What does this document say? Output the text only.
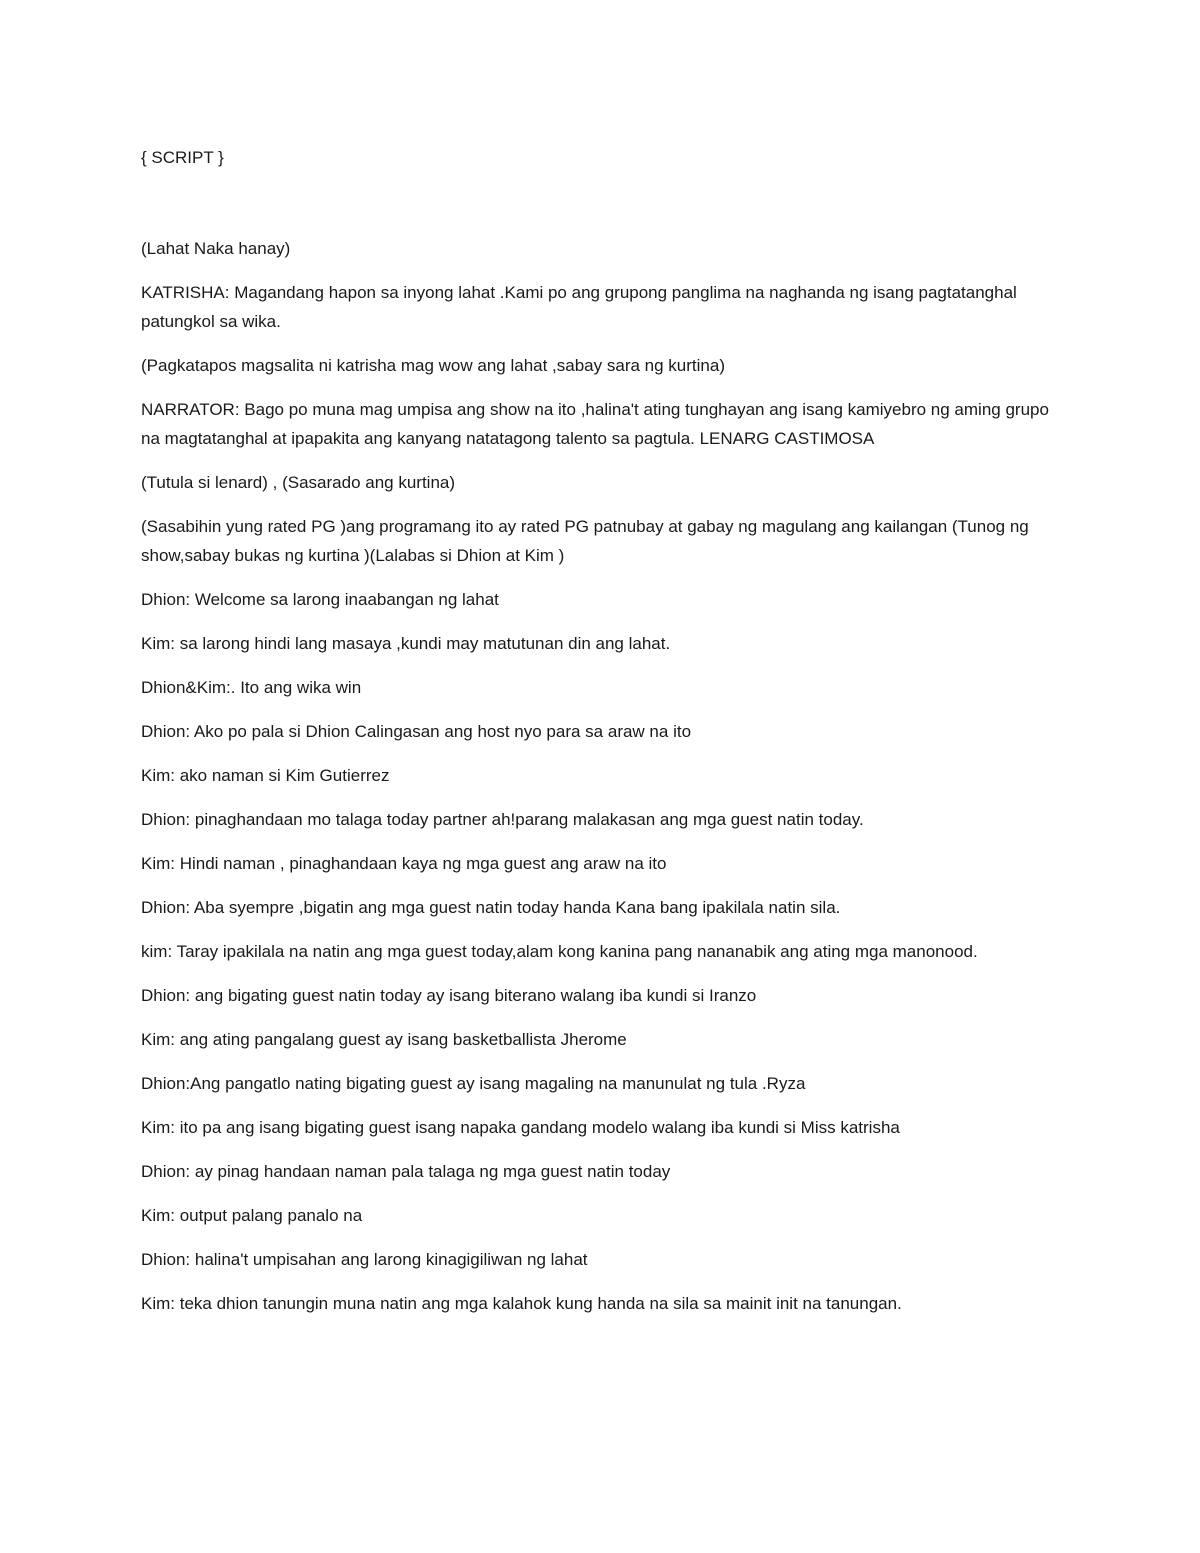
{ SCRIPT }

(Lahat Naka hanay)

KATRISHA: Magandang hapon sa inyong lahat .Kami po ang grupong panglima na naghanda ng isang pagtatanghal patungkol sa wika.

(Pagkatapos magsalita ni katrisha mag wow ang lahat ,sabay sara ng kurtina)

NARRATOR: Bago po muna mag umpisa ang show na ito ,halina't ating tunghayan ang isang kamiyebro ng aming grupo na magtatanghal at ipapakita ang kanyang natatagong talento sa pagtula. LENARG CASTIMOSA

(Tutula si lenard) , (Sasarado ang kurtina)

(Sasabihin yung rated PG )ang programang ito ay rated PG patnubay at gabay ng magulang ang kailangan (Tunog ng show,sabay bukas ng kurtina )(Lalabas si Dhion at Kim )

Dhion: Welcome sa larong inaabangan ng lahat

Kim: sa larong hindi lang masaya ,kundi may matutunan din ang lahat.

Dhion&Kim:. Ito ang wika win

Dhion: Ako po pala si Dhion Calingasan ang host nyo para sa araw na ito

Kim: ako naman si Kim Gutierrez

Dhion: pinaghandaan mo talaga today partner ah!parang malakasan ang mga guest natin today.

Kim: Hindi naman , pinaghandaan kaya ng mga guest ang araw na ito

Dhion: Aba syempre ,bigatin ang mga guest natin today handa Kana bang ipakilala natin sila.

kim: Taray ipakilala na natin ang mga guest today,alam kong kanina pang nananabik ang ating mga manonood.

Dhion: ang bigating guest natin today ay isang biterano walang iba kundi si Iranzo

Kim: ang ating pangalang guest ay isang basketballista Jherome

Dhion:Ang pangatlo nating bigating guest ay isang magaling na manunulat ng tula .Ryza

Kim: ito pa ang isang bigating guest isang napaka gandang modelo walang iba kundi si Miss katrisha

Dhion: ay pinag handaan naman pala talaga ng mga guest natin today

Kim: output palang panalo na

Dhion: halina't umpisahan ang larong kinagigiliwan ng lahat

Kim: teka dhion tanungin muna natin ang mga kalahok kung handa na sila sa mainit init na tanungan.
